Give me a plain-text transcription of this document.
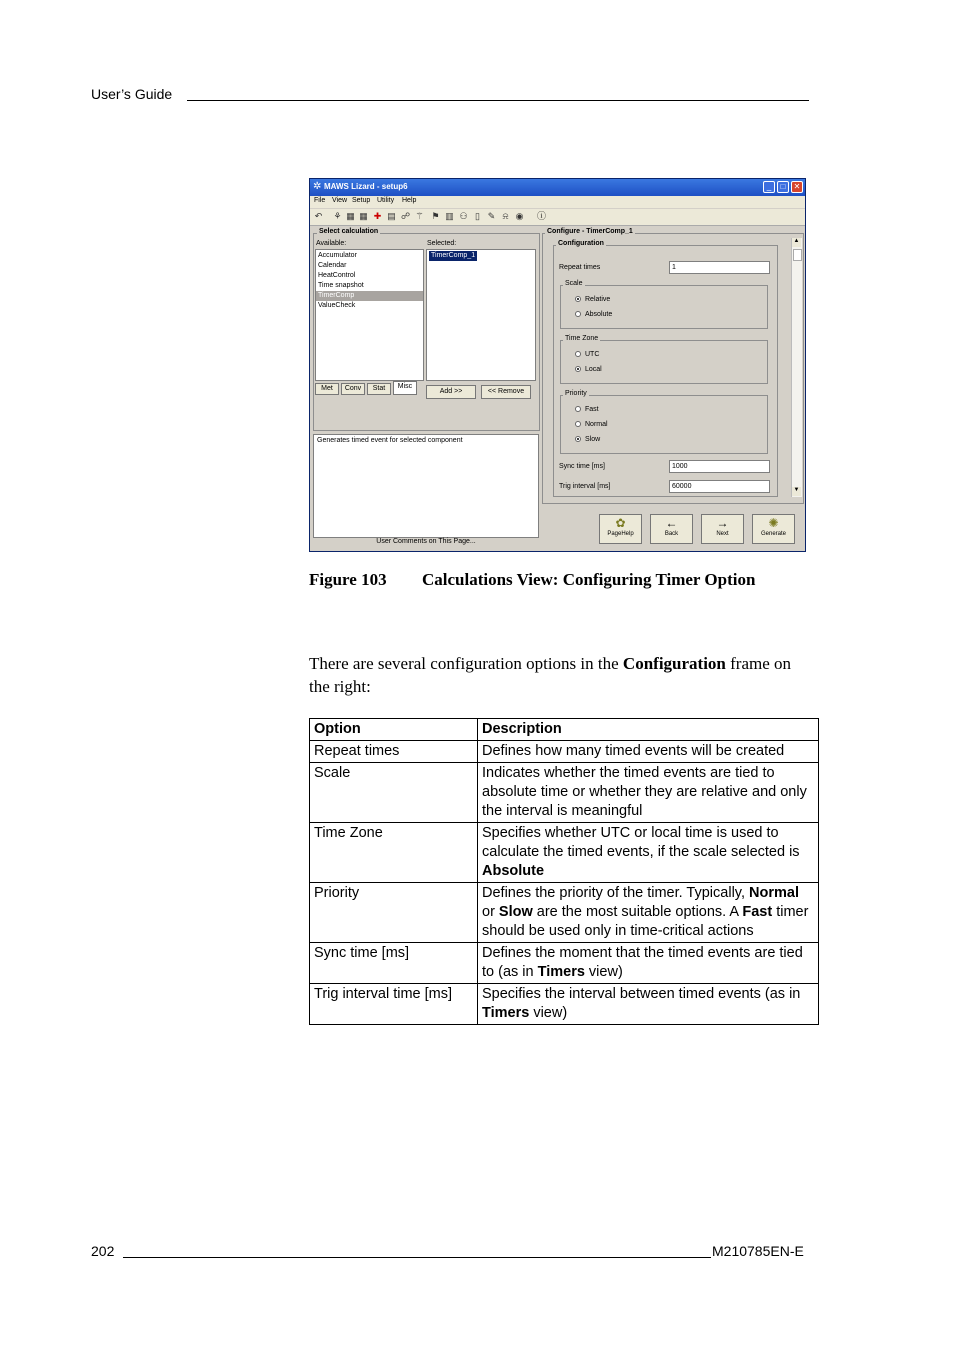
User’s Guide
✲ MAWS Lizard - setup6	_	□	✕
File View Setup Utility Help
↶ ⚘ ▦ ▦ ✚ ▤ ☍ ⚚ ⚑ ▥ ⚇ ▯ ✎ ⍾ ◉ ⓘ
Select calculation
Available:	Selected:
Accumulator
Calendar
HeatControl
Time snapshot
TimerComp
ValueCheck
TimerComp_1
Met	Conv	Stat	Misc
Add >>	<< Remove
Generates timed event for selected component
User Comments on This Page...
Configure - TimerComp_1
Configuration
Repeat times	1
Scale
Relative
Absolute
Time Zone
UTC
Local
Priority
Fast
Normal
Slow
Sync time [ms]	1000
Trig interval [ms]	60000
▲
▼
✿
PageHelp
←
Back
→
Next
✺
Generate
Figure 103 Calculations View: Configuring Timer Option
There are several configuration options in the Configuration frame on the right:
Option	Description
Repeat times	Defines how many timed events will be created
Scale	Indicates whether the timed events are tied to absolute time or whether they are relative and only the interval is meaningful
Time Zone	Specifies whether UTC or local time is used to calculate the timed events, if the scale selected is Absolute
Priority	Defines the priority of the timer. Typically, Normal or Slow are the most suitable options. A Fast timer should be used only in time-critical actions
Sync time [ms]	Defines the moment that the timed events are tied to (as in Timers view)
Trig interval time [ms]	Specifies the interval between timed events (as in Timers view)
202	M210785EN-E
